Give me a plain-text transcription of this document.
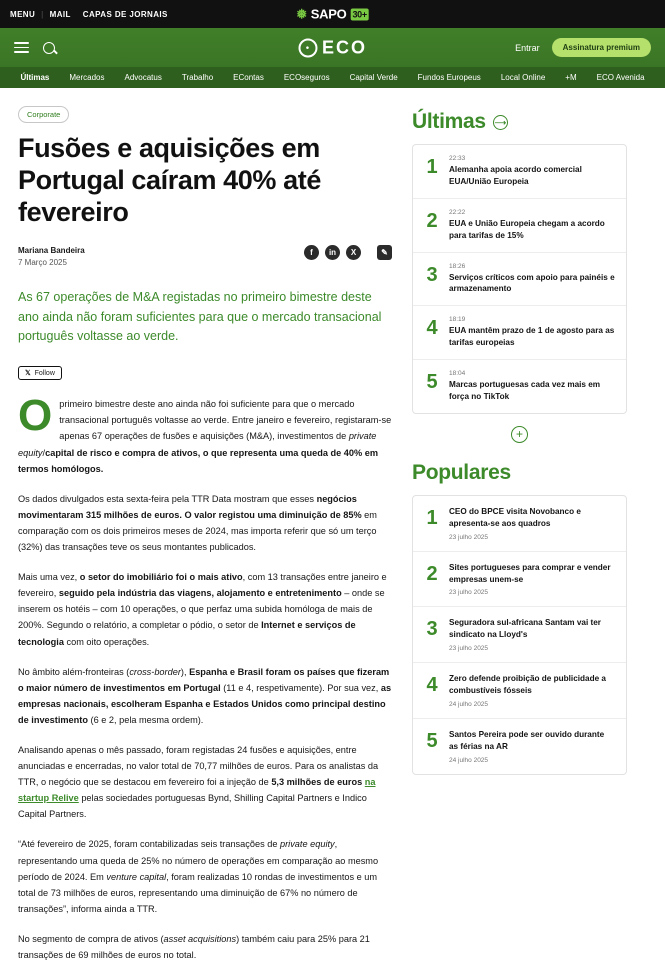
MENU | MAIL CAPAS DE JORNAIS	❅ SAPO 30+
• ECO	Entrar	Assinatura premium
Últimas	Mercados	Advocatus	Trabalho	EContas	ECOseguros	Capital Verde	Fundos Europeus	Local Online	+M	ECO Avenida
Corporate
Fusões e aquisições em Portugal caíram 40% até fevereiro
Mariana Bandeira
7 Março 2025
f	in	X	✎

As 67 operações de M&A registadas no primeiro bimestre deste ano ainda não foram suficientes para que o mercado transacional português voltasse ao verde.

𝕏 Follow

Oprimeiro bimestre deste ano ainda não foi suficiente para que o mercado transacional português voltasse ao verde. Entre janeiro e fevereiro, registaram-se apenas 67 operações de fusões e aquisições (M&A), investimentos de private equity/capital de risco e compra de ativos, o que representa uma queda de 40% em termos homólogos.

Os dados divulgados esta sexta-feira pela TTR Data mostram que esses negócios movimentaram 315 milhões de euros. O valor registou uma diminuição de 85% em comparação com os dois primeiros meses de 2024, mas importa referir que só um terço (32%) das transações teve os seus montantes publicados.

Mais uma vez, o setor do imobiliário foi o mais ativo, com 13 transações entre janeiro e fevereiro, seguido pela indústria das viagens, alojamento e entretenimento – onde se inserem os hotéis – com 10 operações, o que perfaz uma subida homóloga de mais de 200%. Segundo o relatório, a completar o pódio, o setor de Internet e serviços de tecnologia com oito operações.

No âmbito além-fronteiras (cross-border), Espanha e Brasil foram os países que fizeram o maior número de investimentos em Portugal (11 e 4, respetivamente). Por sua vez, as empresas nacionais, escolheram Espanha e Estados Unidos como principal destino de investimento (6 e 2, pela mesma ordem).

Analisando apenas o mês passado, foram registadas 24 fusões e aquisições, entre anunciadas e encerradas, no valor total de 70,77 milhões de euros. Para os analistas da TTR, o negócio que se destacou em fevereiro foi a injeção de 5,3 milhões de euros na startup Relive pelas sociedades portuguesas Bynd, Shilling Capital Partners e Indico Capital Partners.

“Até fevereiro de 2025, foram contabilizadas seis transações de private equity, representando uma queda de 25% no número de operações em comparação ao mesmo período de 2024. Em venture capital, foram realizadas 10 rondas de investimentos e um total de 73 milhões de euros, representando uma diminuição de 67% no número de transações”, informa ainda a TTR.

No segmento de compra de ativos (asset acquisitions) também caiu para 25% para 21 transações de 69 milhões de euros no total.

Últimas ⟶
1	22:33
Alemanha apoia acordo comercial EUA/União Europeia
2	22:22
EUA e União Europeia chegam a acordo para tarifas de 15%
3	18:26
Serviços críticos com apoio para painéis e armazenamento
4	18:19
EUA mantêm prazo de 1 de agosto para as tarifas europeias
5	18:04
Marcas portuguesas cada vez mais em força no TikTok
+
Populares
1 CEO do BPCE visita Novobanco e apresenta-se aos quadros
23 julho 2025
2 Sites portugueses para comprar e vender empresas unem-se
23 julho 2025
3 Seguradora sul-africana Santam vai ter sindicato na Lloyd's
23 julho 2025
4 Zero defende proibição de publicidade a combustíveis fósseis
24 julho 2025
5 Santos Pereira pode ser ouvido durante as férias na AR
24 julho 2025
